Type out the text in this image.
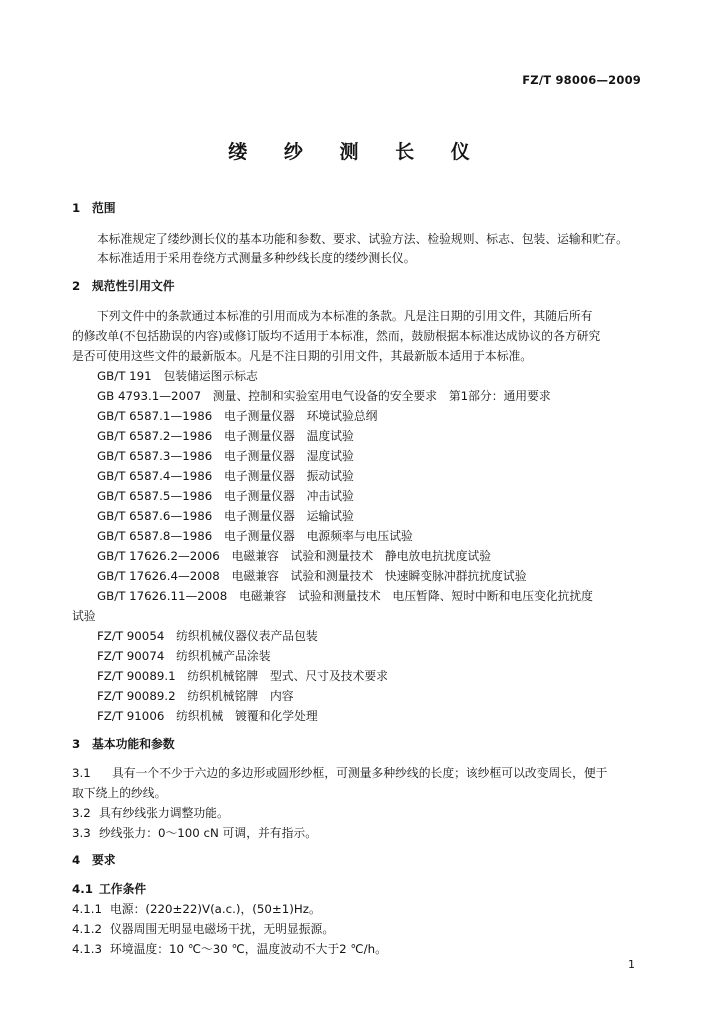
FZ/T 98006—2009
缕 纱 测 长 仪
1 范围
本标准规定了缕纱测长仪的基本功能和参数、要求、试验方法、检验规则、标志、包装、运输和贮存。
本标准适用于采用卷绕方式测量多种纱线长度的缕纱测长仪。
2 规范性引用文件
下列文件中的条款通过本标准的引用而成为本标准的条款。凡是注日期的引用文件，其随后所有
的修改单(不包括勘误的内容)或修订版均不适用于本标准，然而，鼓励根据本标准达成协议的各方研究
是否可使用这些文件的最新版本。凡是不注日期的引用文件，其最新版本适用于本标准。
GB/T 191　包装储运图示标志
GB 4793.1—2007　测量、控制和实验室用电气设备的安全要求　第1部分：通用要求
GB/T 6587.1—1986　电子测量仪器　环境试验总纲
GB/T 6587.2—1986　电子测量仪器　温度试验
GB/T 6587.3—1986　电子测量仪器　湿度试验
GB/T 6587.4—1986　电子测量仪器　振动试验
GB/T 6587.5—1986　电子测量仪器　冲击试验
GB/T 6587.6—1986　电子测量仪器　运输试验
GB/T 6587.8—1986　电子测量仪器　电源频率与电压试验
GB/T 17626.2—2006　电磁兼容　试验和测量技术　静电放电抗扰度试验
GB/T 17626.4—2008　电磁兼容　试验和测量技术　快速瞬变脉冲群抗扰度试验
GB/T 17626.11—2008　电磁兼容　试验和测量技术　电压暂降、短时中断和电压变化抗扰度
试验
FZ/T 90054　纺织机械仪器仪表产品包装
FZ/T 90074　纺织机械产品涂装
FZ/T 90089.1　纺织机械铭牌　型式、尺寸及技术要求
FZ/T 90089.2　纺织机械铭牌　内容
FZ/T 91006　纺织机械　镀覆和化学处理
3 基本功能和参数
3.1 具有一个不少于六边的多边形或圆形纱框，可测量多种纱线的长度；该纱框可以改变周长，便于
取下绕上的纱线。
3.2 具有纱线张力调整功能。
3.3 纱线张力：0～100 cN 可调，并有指示。
4 要求
4.1 工作条件
4.1.1 电源：(220±22)V(a.c.)，(50±1)Hz。
4.1.2 仪器周围无明显电磁场干扰，无明显振源。
4.1.3 环境温度：10 ℃～30 ℃，温度波动不大于2 ℃/h。
1
